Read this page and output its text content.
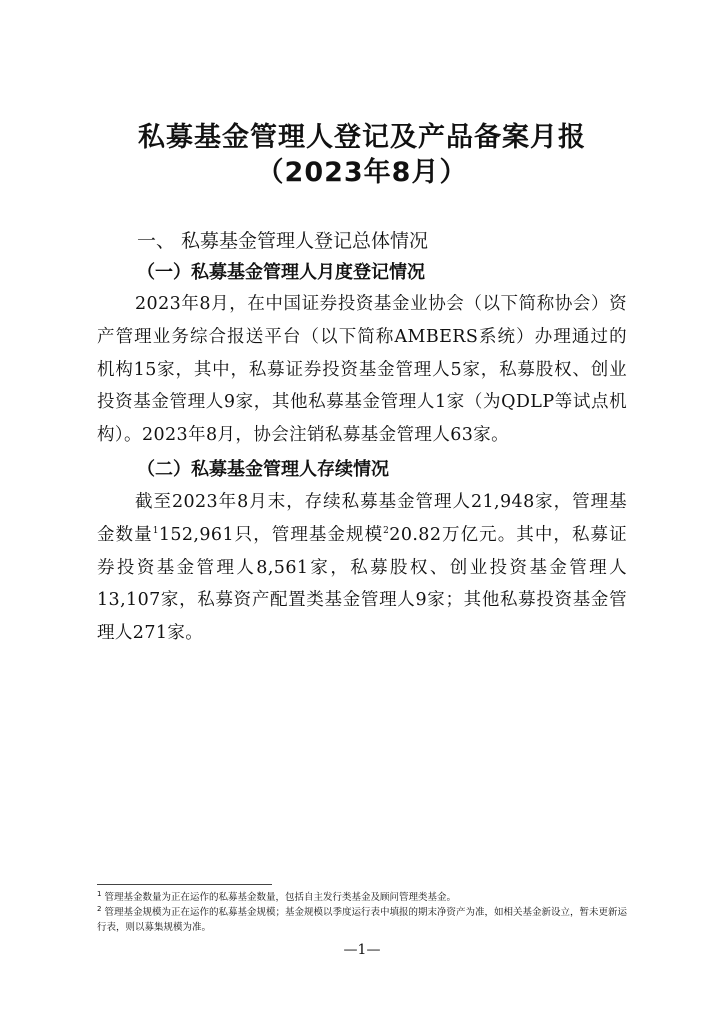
私募基金管理人登记及产品备案月报
（2023年8月）
一、 私募基金管理人登记总体情况
（一）私募基金管理人月度登记情况

2023年8月，在中国证券投资基金业协会（以下简称协会）资产管理业务综合报送平台（以下简称AMBERS系统）办理通过的机构15家，其中，私募证券投资基金管理人5家，私募股权、创业投资基金管理人9家，其他私募基金管理人1家（为QDLP等试点机构）。2023年8月，协会注销私募基金管理人63家。

（二）私募基金管理人存续情况

截至2023年8月末，存续私募基金管理人21,948家，管理基金数量$^1$152,961只，管理基金规模$^2$20.82万亿元。其中，私募证券投资基金管理人8,561家，私募股权、创业投资基金管理人13,107家，私募资产配置类基金管理人9家；其他私募投资基金管理人271家。

$^1$ 管理基金数量为正在运作的私募基金数量，包括自主发行类基金及顾问管理类基金。

$^2$ 管理基金规模为正在运作的私募基金规模；基金规模以季度运行表中填报的期末净资产为准，如相关基金新设立，暂未更新运行表，则以募集规模为准。

—1—
